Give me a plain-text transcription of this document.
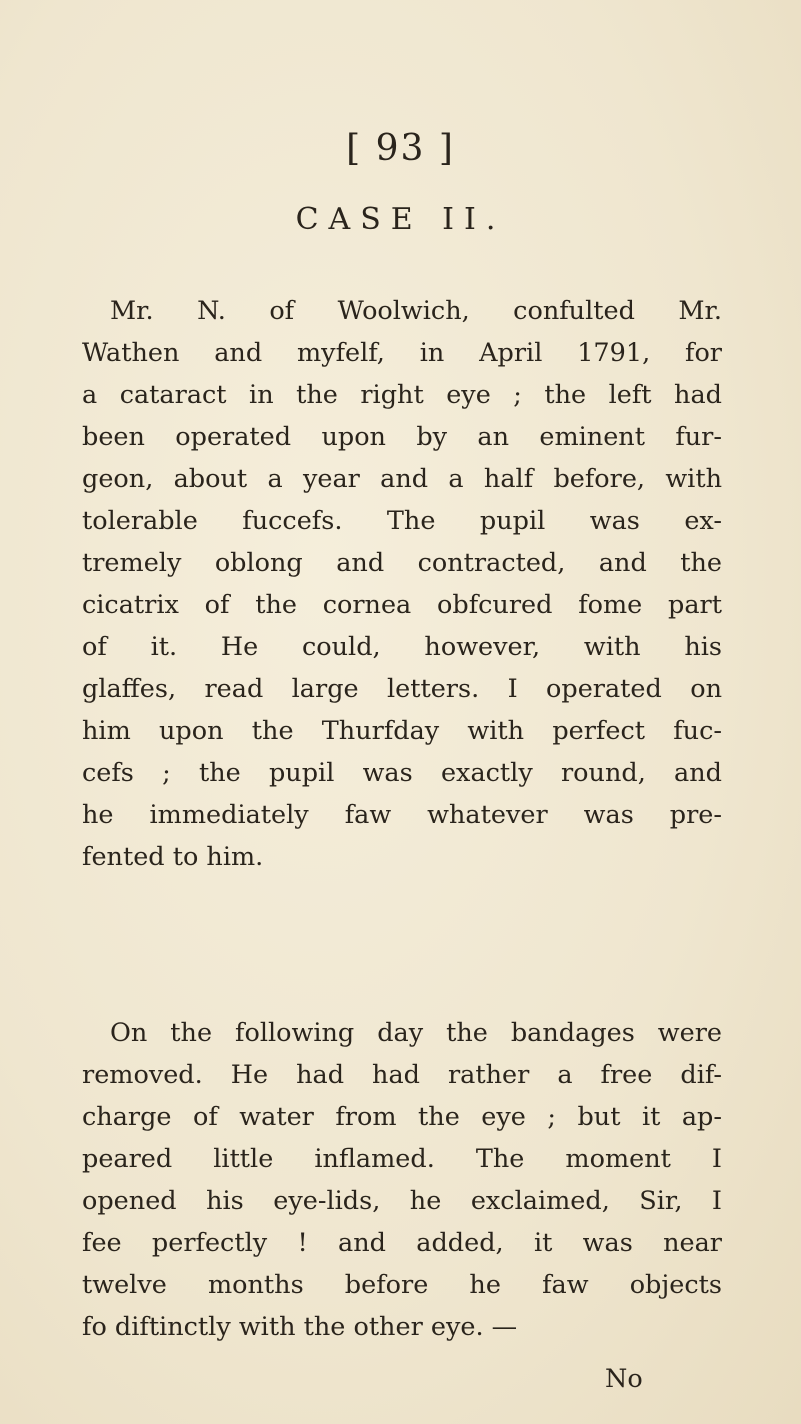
[ 93 ]
CASE II.
Mr. N. of Woolwich, confulted Mr.
Wathen and myfelf, in April 1791, for
a cataract in the right eye ; the left had
been operated upon by an eminent fur-
geon, about a year and a half before, with
tolerable fuccefs. The pupil was ex-
tremely oblong and contracted, and the
cicatrix of the cornea obfcured fome part
of it. He could, however, with his
glaffes, read large letters. I operated on
him upon the Thurfday with perfect fuc-
cefs ; the pupil was exactly round, and
he immediately faw whatever was pre-
fented to him.
On the following day the bandages were
removed. He had had rather a free dif-
charge of water from the eye ; but it ap-
peared little inflamed. The moment I
opened his eye-lids, he exclaimed, Sir, I
fee perfectly ! and added, it was near
twelve months before he faw objects
fo diftinctly with the other eye. —
No
